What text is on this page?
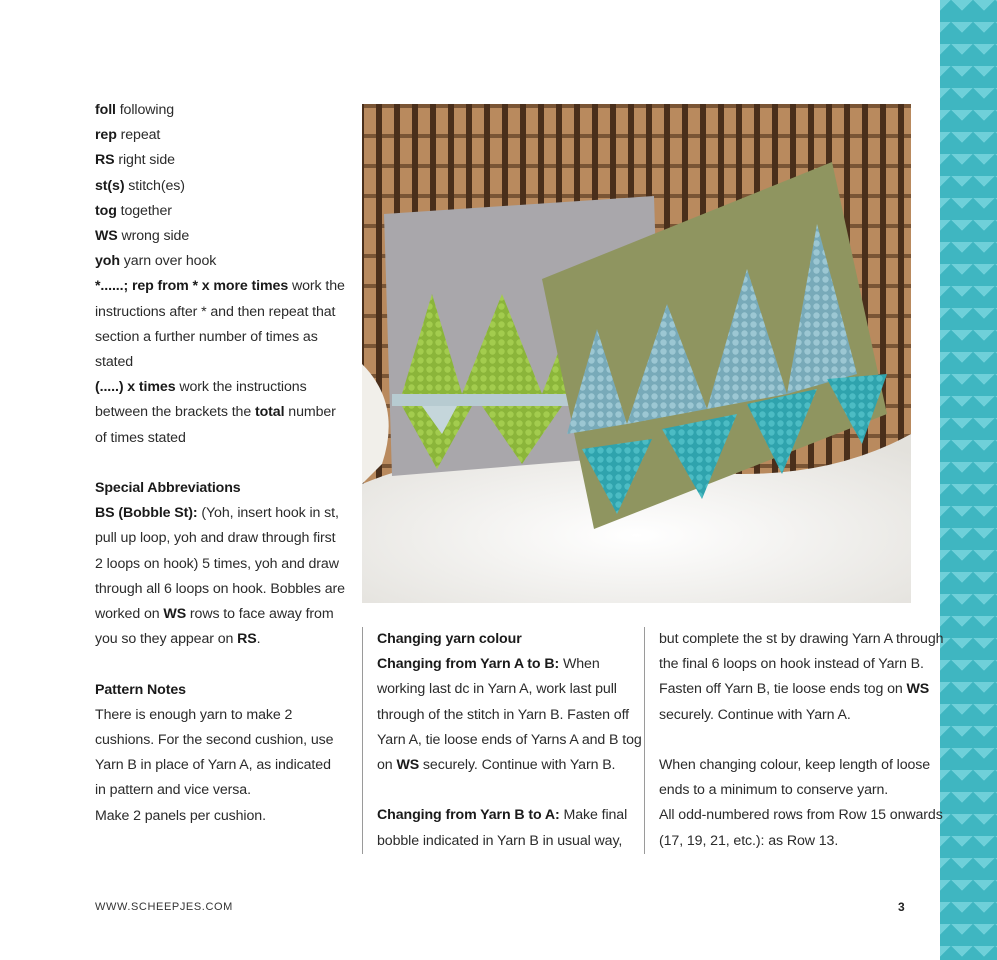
foll following

rep repeat

RS right side

st(s) stitch(es)

tog together

WS wrong side

yoh yarn over hook

*......; rep from * x more times work the instructions after * and then repeat that section a further number of times as stated

(.....) x times work the instructions between the brackets the total number of times stated

Special Abbreviations

BS (Bobble St): (Yoh, insert hook in st, pull up loop, yoh and draw through first 2 loops on hook) 5 times, yoh and draw through all 6 loops on hook. Bobbles are worked on WS rows to face away from you so they appear on RS.

Pattern Notes

There is enough yarn to make 2 cushions. For the second cushion, use Yarn B in place of Yarn A, as indicated in pattern and vice versa.

Make 2 panels per cushion.

Changing yarn colour

Changing from Yarn A to B: When working last dc in Yarn A, work last pull through of the stitch in Yarn B. Fasten off Yarn A, tie loose ends of Yarns A and B tog on WS securely. Continue with Yarn B.

Changing from Yarn B to A: Make final bobble indicated in Yarn B in usual way,

but complete the st by drawing Yarn A through the final 6 loops on hook instead of Yarn B. Fasten off Yarn B, tie loose ends tog on WS securely. Continue with Yarn A.

When changing colour, keep length of loose ends to a minimum to conserve yarn.

All odd-numbered rows from Row 15 onwards (17, 19, 21, etc.): as Row 13.

WWW.SCHEEPJES.COM	3
